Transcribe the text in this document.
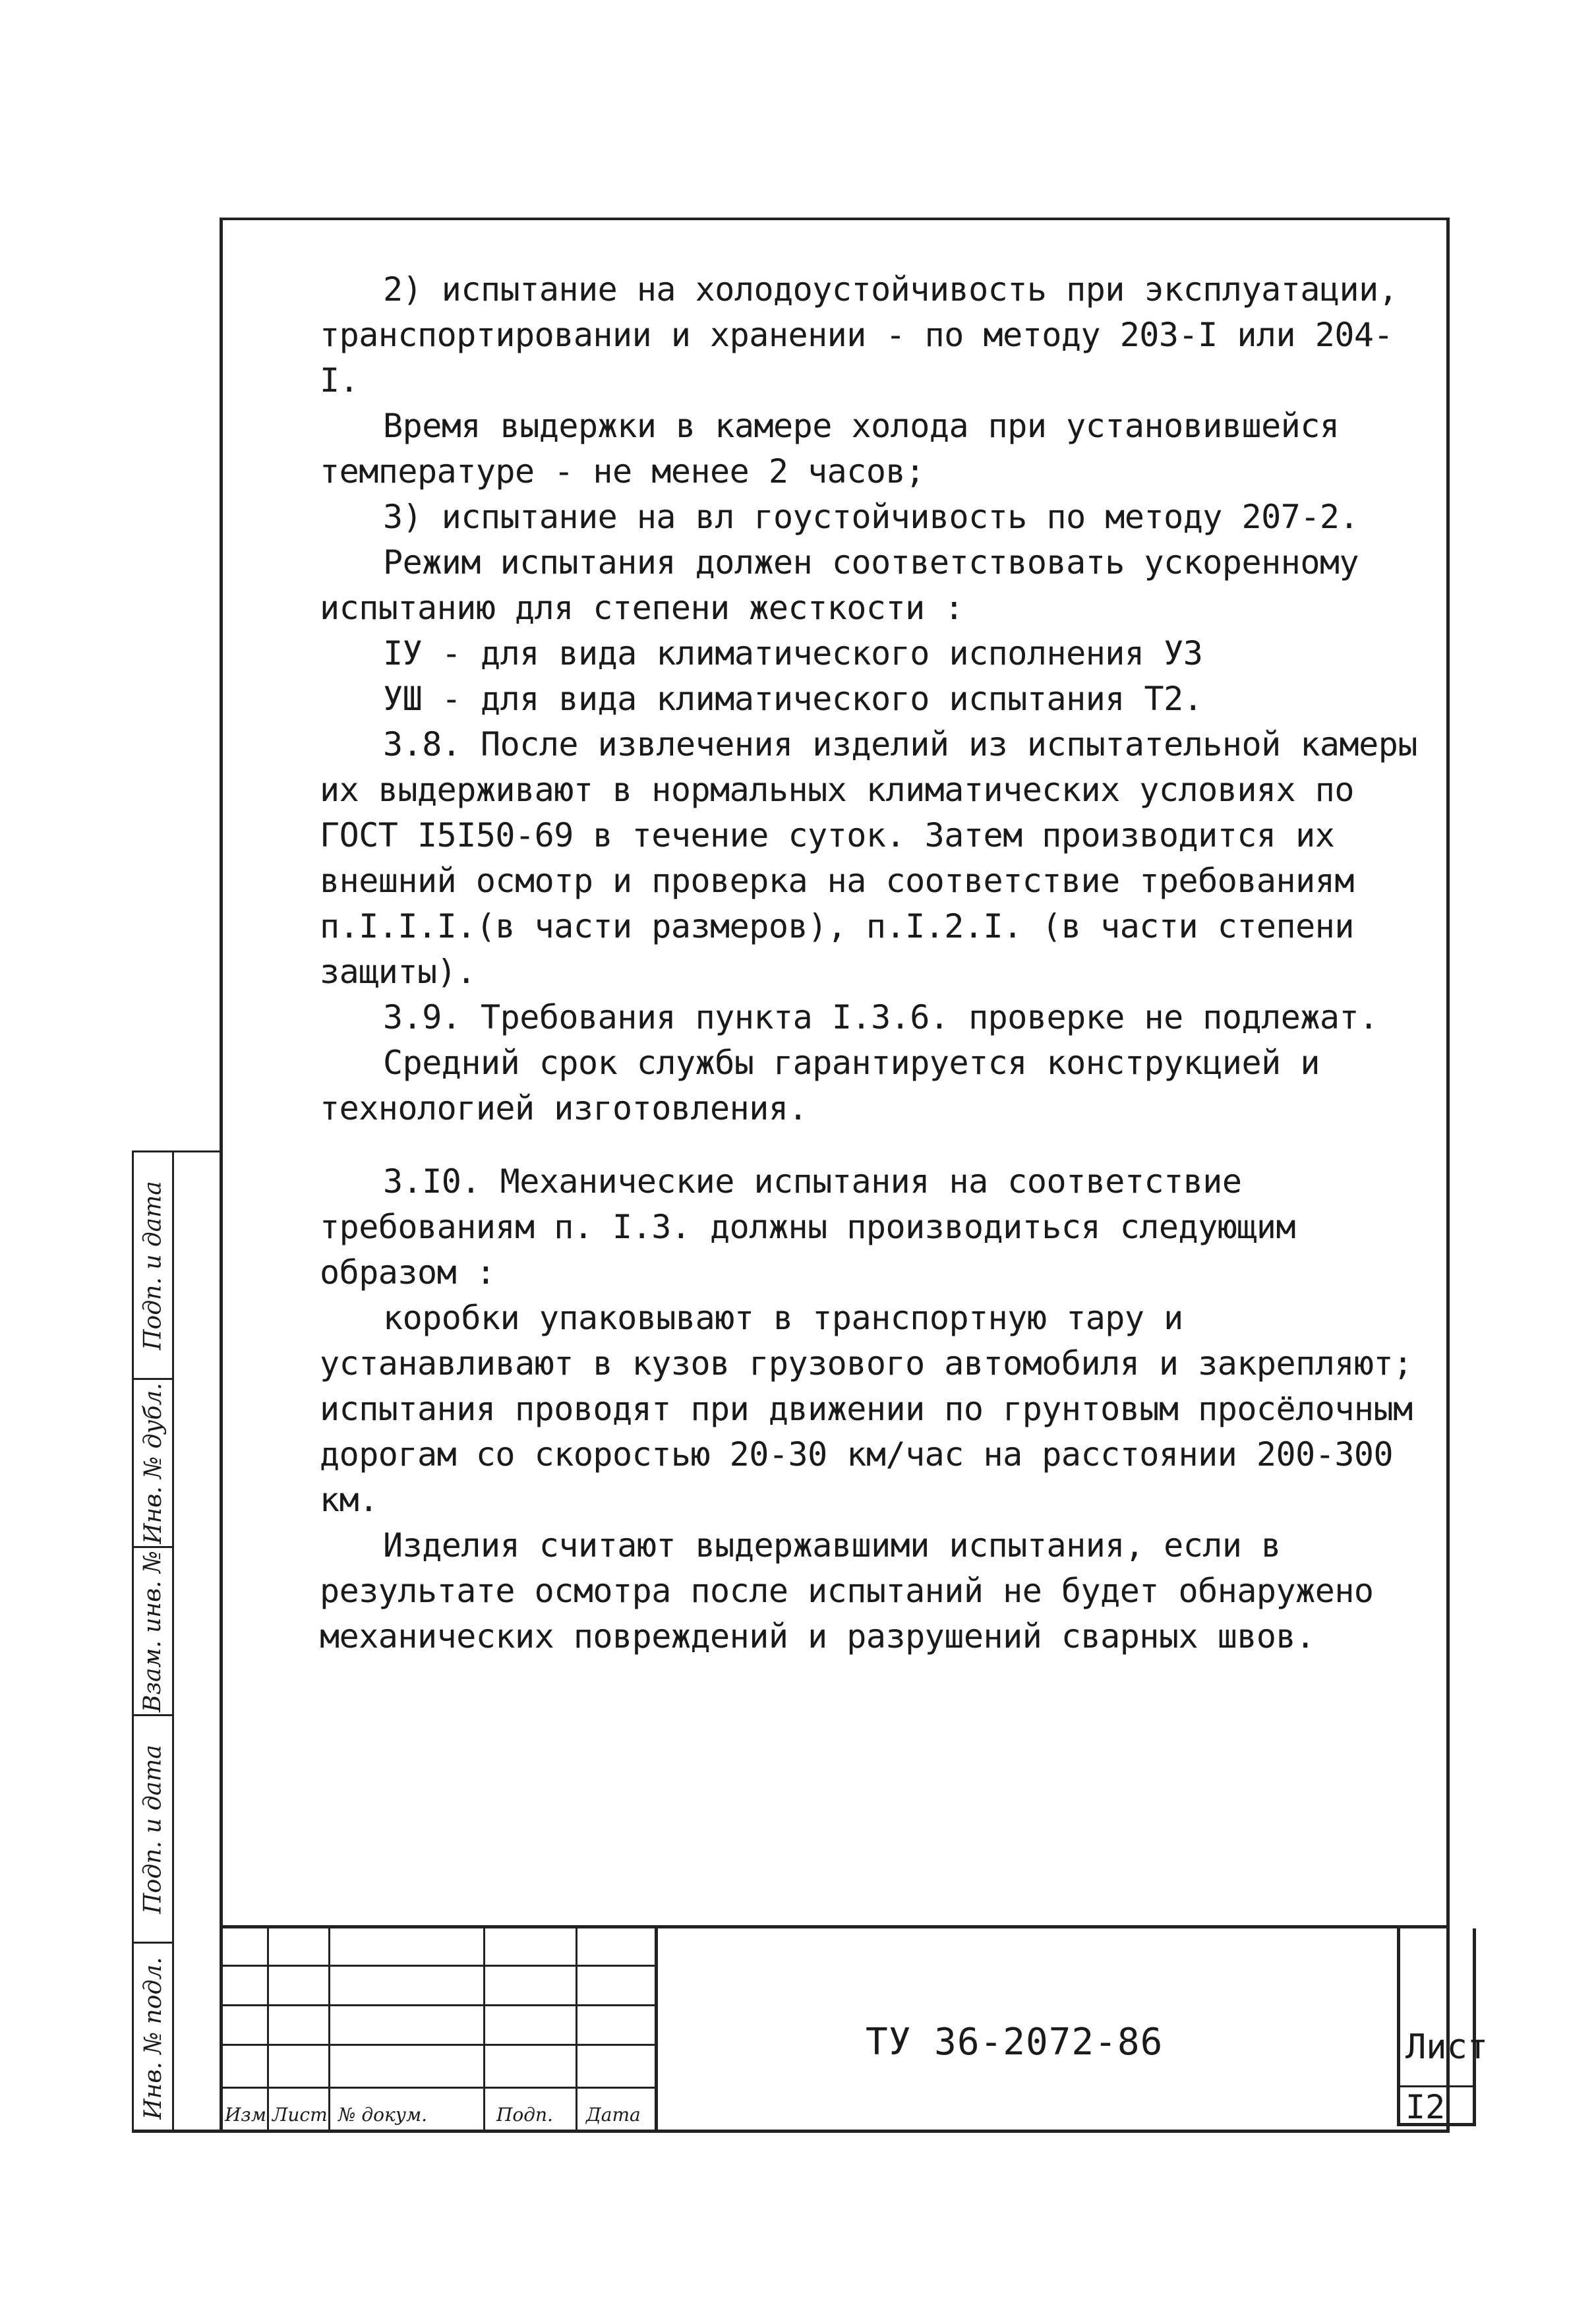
2) испытание на холодоустойчивость при эксплуатации, транспортировании и хранении - по методу 203-I или 204-I.

Время выдержки в камере холода при установившейся температуре - не менее 2 часов;

3) испытание на вл гоустойчивость по методу 207-2.

Режим испытания должен соответствовать ускоренному испытанию для степени жесткости :

IУ - для вида климатического исполнения УЗ

УШ - для вида климатического испытания Т2.

3.8. После извлечения изделий из испытательной камеры их выдерживают в нормальных климатических условиях по ГОСТ I5I50-69 в течение суток. Затем производится их внешний осмотр и проверка на соответствие требованиям п.I.I.I.(в части размеров), п.I.2.I. (в части степени защиты).

3.9. Требования пункта I.3.6. проверке не подлежат.

Средний срок службы гарантируется конструкцией и технологией изготовления.

3.I0. Механические испытания на соответствие требованиям п. I.3. должны производиться следующим образом :

коробки упаковывают в транспортную тару и устанавливают в кузов грузового автомобиля и закрепляют; испытания проводят при движении по грунтовым просёлочным дорогам со скоростью 20-30 км/час на расстоянии 200-300 км.

Изделия считают выдержавшими испытания, если в результате осмотра после испытаний не будет обнаружено механических повреждений и разрушений сварных швов.

Подп. и дата
Инв. № дубл.
Взам. инв. №
Подп. и дата
Инв. № подл.	Изм Лист № докум.	Подп. Дата
ТУ 36-2072-86	Лист
I2
